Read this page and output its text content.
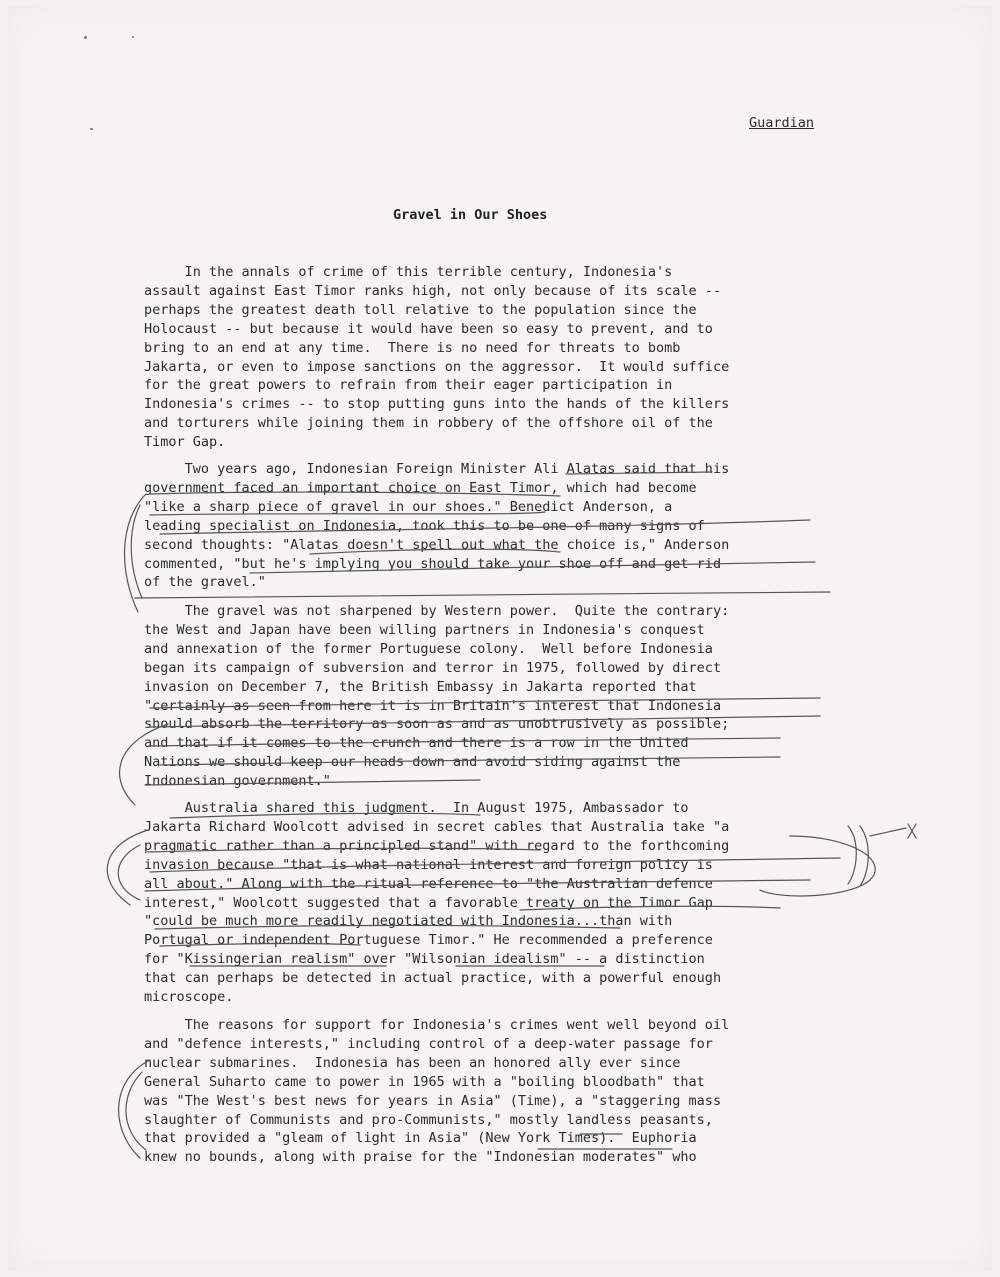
Guardian
Gravel in Our Shoes

In the annals of crime of this terrible century, Indonesia's
assault against East Timor ranks high, not only because of its scale --
perhaps the greatest death toll relative to the population since the
Holocaust -- but because it would have been so easy to prevent, and to
bring to an end at any time.  There is no need for threats to bomb
Jakarta, or even to impose sanctions on the aggressor.  It would suffice
for the great powers to refrain from their eager participation in
Indonesia's crimes -- to stop putting guns into the hands of the killers
and torturers while joining them in robbery of the offshore oil of the
Timor Gap.

Two years ago, Indonesian Foreign Minister Ali Alatas said that his
government faced an important choice on East Timor, which had become
"like a sharp piece of gravel in our shoes." Benedict Anderson, a
leading specialist on Indonesia, took this to be one of many signs of
second thoughts: "Alatas doesn't spell out what the choice is," Anderson
commented, "but he's implying you should take your shoe off and get rid
of the gravel."

The gravel was not sharpened by Western power.  Quite the contrary:
the West and Japan have been willing partners in Indonesia's conquest
and annexation of the former Portuguese colony.  Well before Indonesia
began its campaign of subversion and terror in 1975, followed by direct
invasion on December 7, the British Embassy in Jakarta reported that
"certainly as seen from here it is in Britain's interest that Indonesia
should absorb the territory as soon as and as unobtrusively as possible;
and that if it comes to the crunch and there is a row in the United
Nations we should keep our heads down and avoid siding against the
Indonesian government."

Australia shared this judgment.  In August 1975, Ambassador to
Jakarta Richard Woolcott advised in secret cables that Australia take "a
pragmatic rather than a principled stand" with regard to the forthcoming
invasion because "that is what national interest and foreign policy is
all about." Along with the ritual reference to "the Australian defence
interest," Woolcott suggested that a favorable treaty on the Timor Gap
"could be much more readily negotiated with Indonesia...than with
Portugal or independent Portuguese Timor." He recommended a preference
for "Kissingerian realism" over "Wilsonian idealism" -- a distinction
that can perhaps be detected in actual practice, with a powerful enough
microscope.

The reasons for support for Indonesia's crimes went well beyond oil
and "defence interests," including control of a deep-water passage for
nuclear submarines.  Indonesia has been an honored ally ever since
General Suharto came to power in 1965 with a "boiling bloodbath" that
was "The West's best news for years in Asia" (Time), a "staggering mass
slaughter of Communists and pro-Communists," mostly landless peasants,
that provided a "gleam of light in Asia" (New York Times).  Euphoria
knew no bounds, along with praise for the "Indonesian moderates" who
